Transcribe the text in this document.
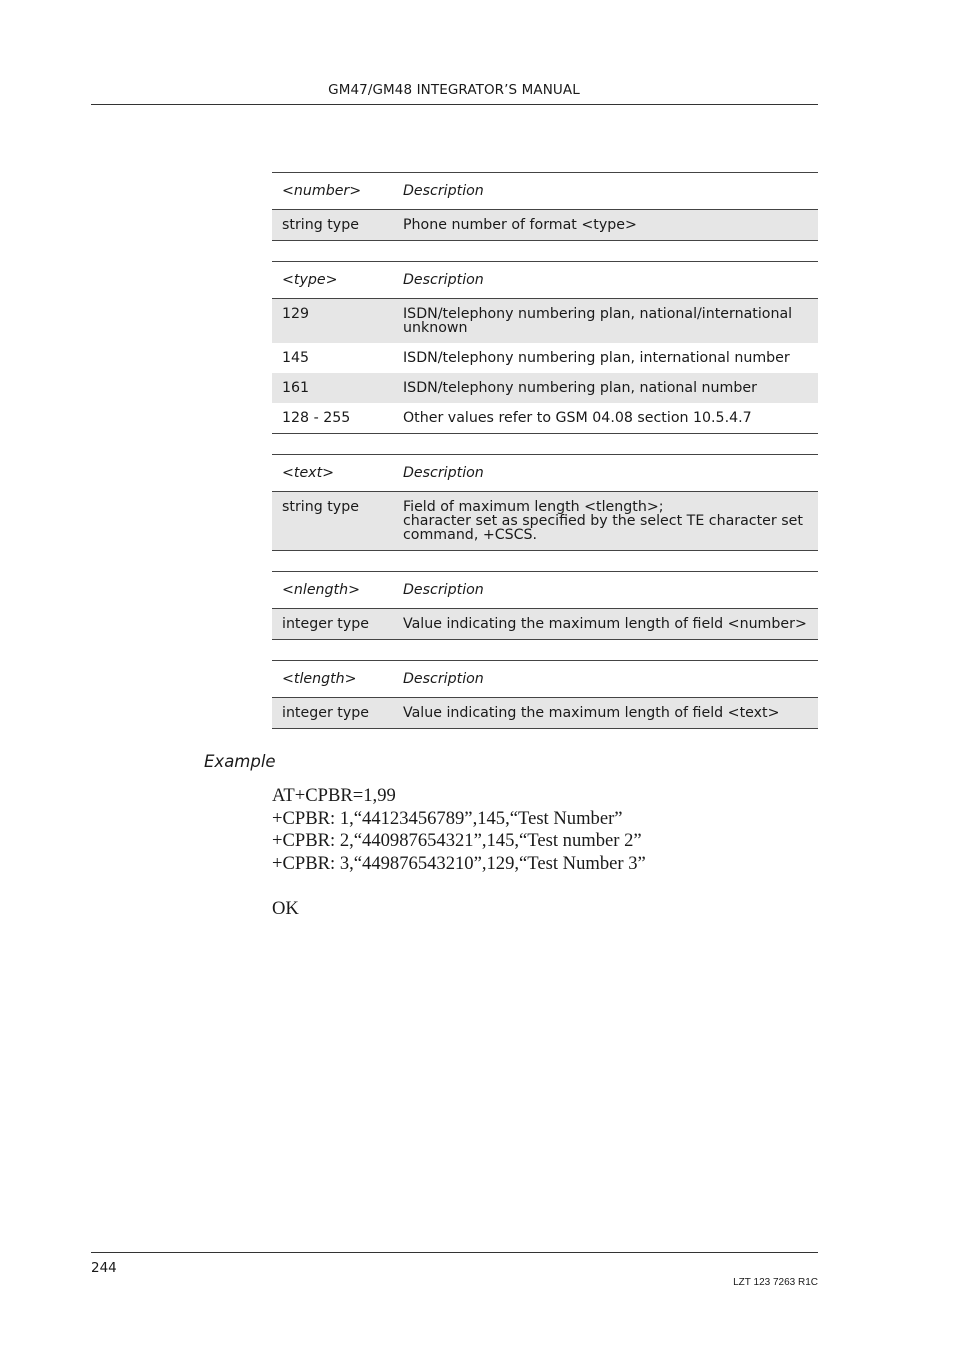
GM47/GM48 INTEGRATOR’S MANUAL
<number>	Description
string type	Phone number of format <type>
<type>	Description
129	ISDN/telephony numbering plan, national/international
unknown

145	ISDN/telephony numbering plan, international number

161	ISDN/telephony numbering plan, national number

128 - 255	Other values refer to GSM 04.08 section 10.5.4.7
<text>	Description
string type	Field of maximum length <tlength>;
character set as specified by the select TE character set
command, +CSCS.
<nlength>	Description
integer type	Value indicating the maximum length of field <number>
<tlength>	Description
integer type	Value indicating the maximum length of field <text>
Example
AT+CPBR=1,99
+CPBR: 1,“44123456789”,145,“Test Number”
+CPBR: 2,“440987654321”,145,“Test number 2”
+CPBR: 3,“449876543210”,129,“Test Number 3”
OK
244
LZT 123 7263 R1C
